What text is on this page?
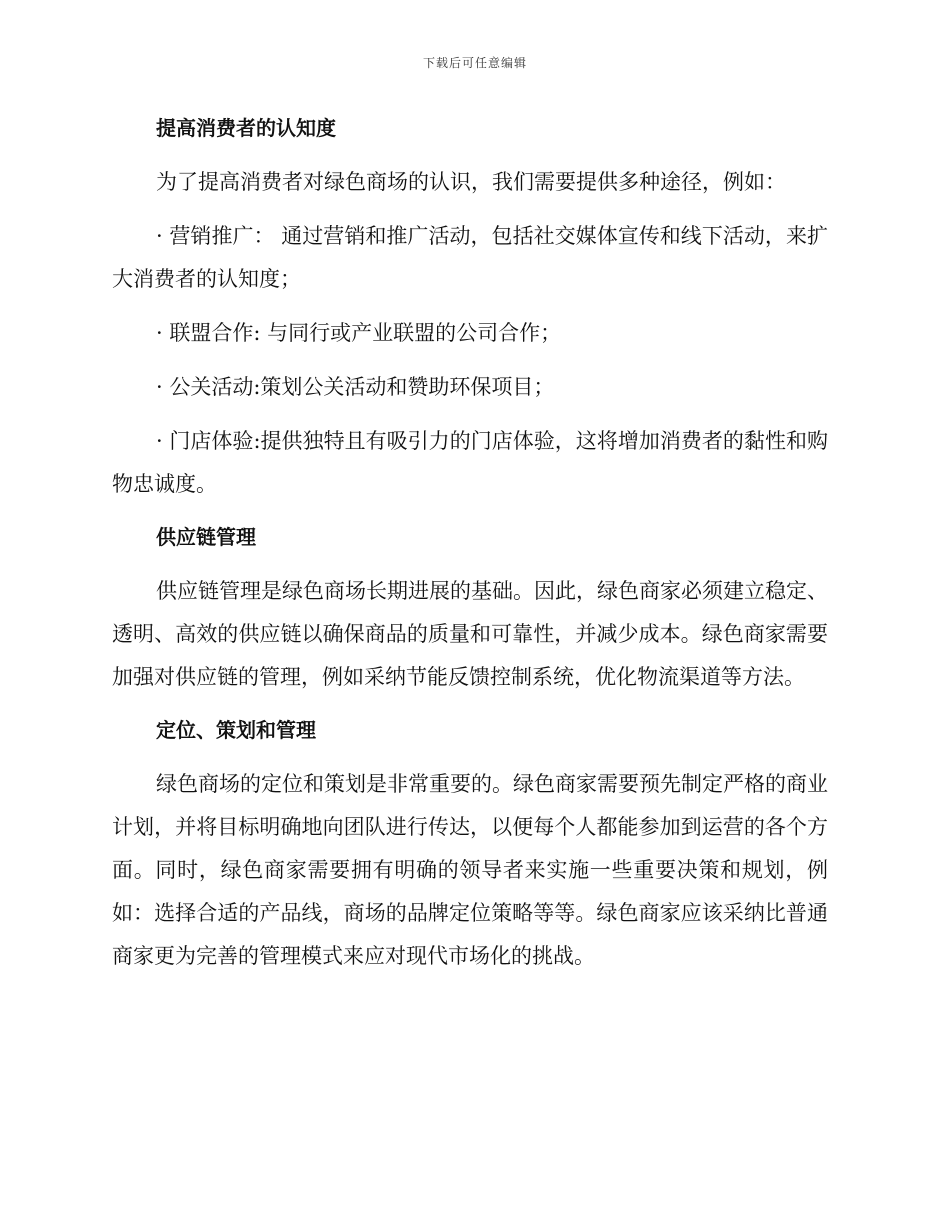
下载后可任意编辑
提高消费者的认知度

为了提高消费者对绿色商场的认识，我们需要提供多种途径，例如：

· 营销推广： 通过营销和推广活动，包括社交媒体宣传和线下活动，来扩大消费者的认知度；

· 联盟合作: 与同行或产业联盟的公司合作；

· 公关活动:策划公关活动和赞助环保项目；

· 门店体验:提供独特且有吸引力的门店体验，这将增加消费者的黏性和购物忠诚度。

供应链管理

供应链管理是绿色商场长期进展的基础。因此，绿色商家必须建立稳定、透明、高效的供应链以确保商品的质量和可靠性，并减少成本。绿色商家需要加强对供应链的管理，例如采纳节能反馈控制系统，优化物流渠道等方法。

定位、策划和管理

绿色商场的定位和策划是非常重要的。绿色商家需要预先制定严格的商业计划，并将目标明确地向团队进行传达，以便每个人都能参加到运营的各个方面。同时，绿色商家需要拥有明确的领导者来实施一些重要决策和规划，例如：选择合适的产品线，商场的品牌定位策略等等。绿色商家应该采纳比普通商家更为完善的管理模式来应对现代市场化的挑战。
